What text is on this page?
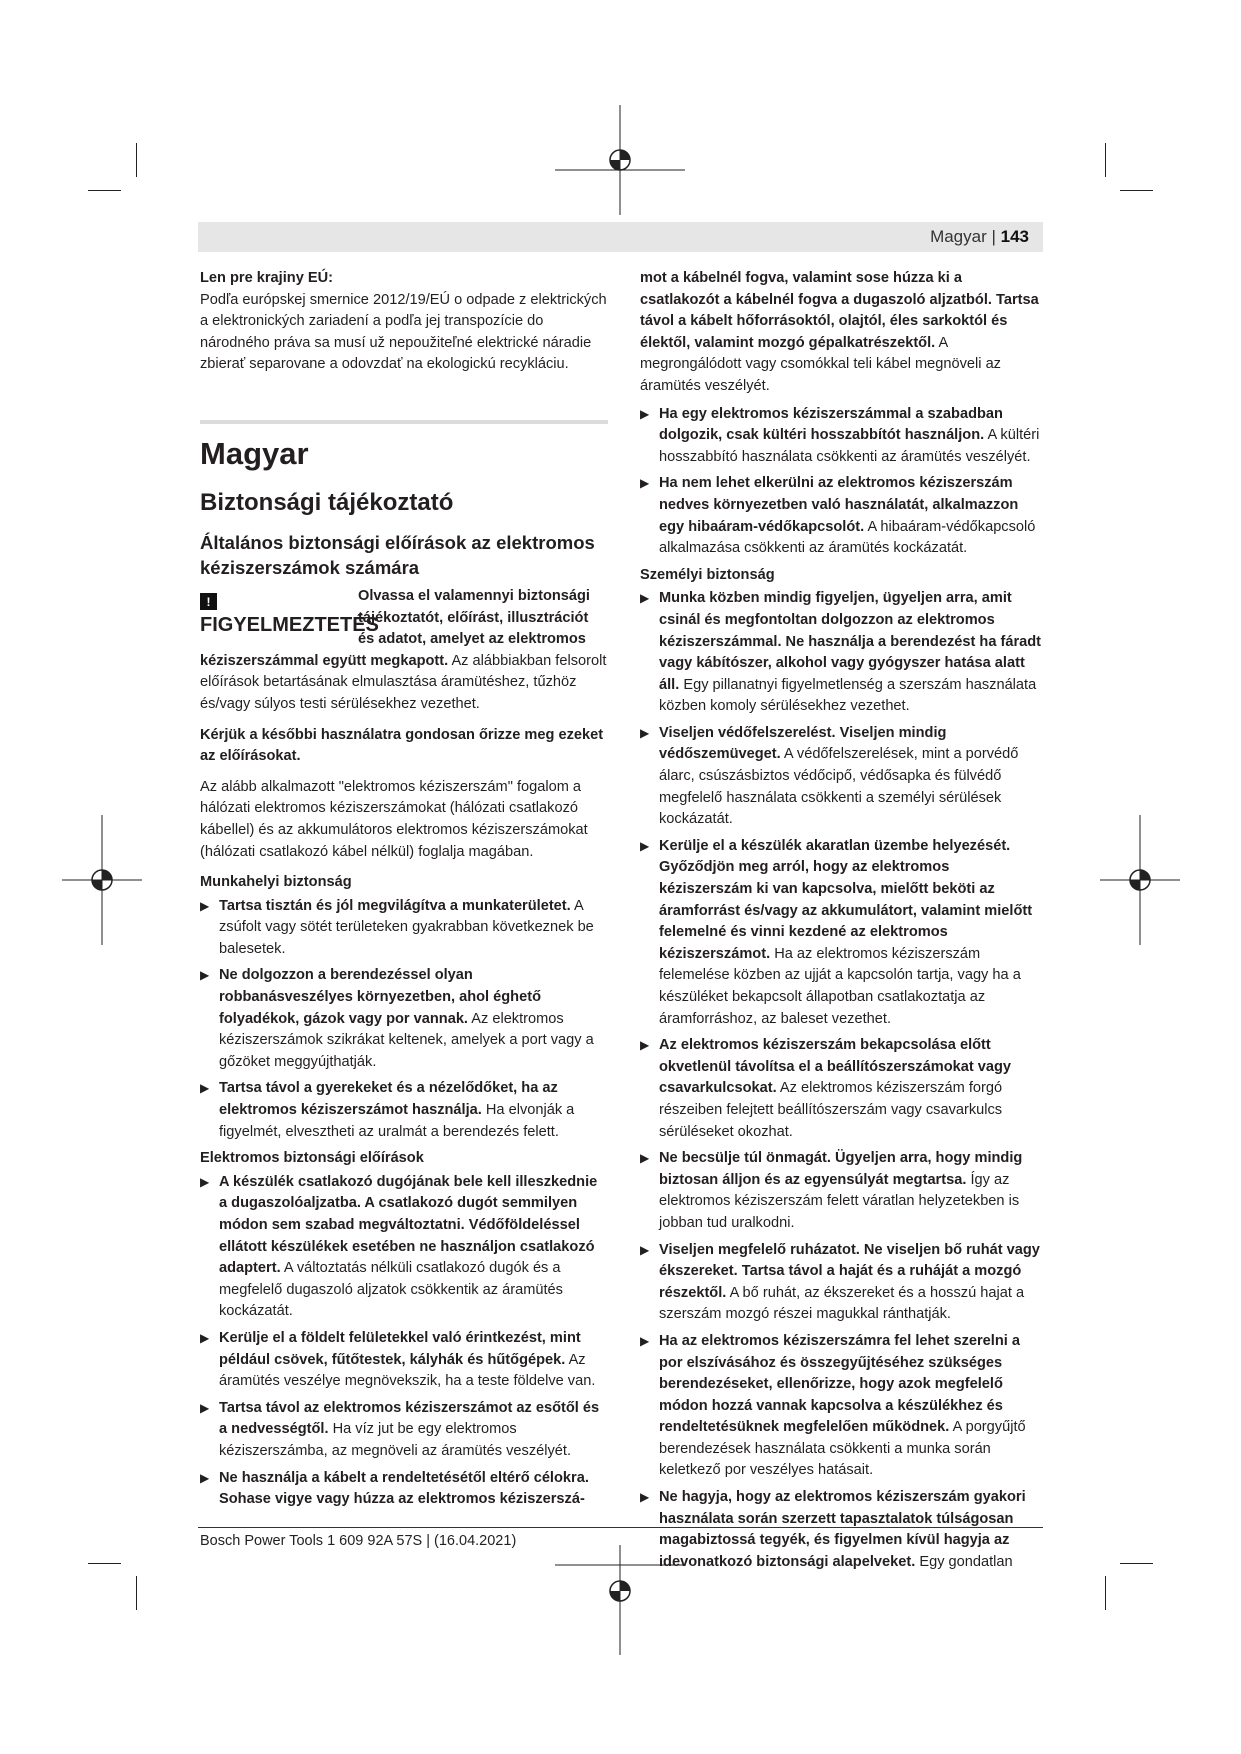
Magyar | 143

Len pre krajiny EÚ:

Podľa európskej smernice 2012/19/EÚ o odpade z elektrických a elektronických zariadení a podľa jej transpozície do národného práva sa musí už nepoužiteľné elektrické náradie zbierať separovane a odovzdať na ekologickú recykláciu.

Magyar
Biztonsági tájékoztató
Általános biztonsági előírások az elektromos kéziszerszámok számára
!FIGYELMEZTETÉS

Olvassa el valamennyi biztonsági tájékoztatót, előírást, illusztrációt és adatot, amelyet az elektromos kéziszerszámmal együtt megkapott. Az alábbiakban felsorolt előírások betartásának elmulasztása áramütéshez, tűzhöz és/vagy súlyos testi sérülésekhez vezethet.

Kérjük a későbbi használatra gondosan őrizze meg ezeket az előírásokat.

Az alább alkalmazott "elektromos kéziszerszám" fogalom a hálózati elektromos kéziszerszámokat (hálózati csatlakozó kábellel) és az akkumulátoros elektromos kéziszerszámokat (hálózati csatlakozó kábel nélkül) foglalja magában.

Munkahelyi biztonság

▶ Tartsa tisztán és jól megvilágítva a munkaterületet. A zsúfolt vagy sötét területeken gyakrabban következnek be balesetek.
▶ Ne dolgozzon a berendezéssel olyan robbanásveszélyes környezetben, ahol éghető folyadékok, gázok vagy por vannak. Az elektromos kéziszerszámok szikrákat keltenek, amelyek a port vagy a gőzöket meggyújthatják.
▶ Tartsa távol a gyerekeket és a nézelődőket, ha az elektromos kéziszerszámot használja. Ha elvonják a figyelmét, elvesztheti az uralmát a berendezés felett.

Elektromos biztonsági előírások

▶ A készülék csatlakozó dugójának bele kell illeszkednie a dugaszolóaljzatba. A csatlakozó dugót semmilyen módon sem szabad megváltoztatni. Védőföldeléssel ellátott készülékek esetében ne használjon csatlakozó adaptert. A változtatás nélküli csatlakozó dugók és a megfelelő dugaszoló aljzatok csökkentik az áramütés kockázatát.
▶ Kerülje el a földelt felületekkel való érintkezést, mint például csövek, fűtőtestek, kályhák és hűtőgépek. Az áramütés veszélye megnövekszik, ha a teste földelve van.
▶ Tartsa távol az elektromos kéziszerszámot az esőtől és a nedvességtől. Ha víz jut be egy elektromos kéziszerszámba, az megnöveli az áramütés veszélyét.
▶ Ne használja a kábelt a rendeltetésétől eltérő célokra. Sohase vigye vagy húzza az elektromos kéziszerszá-

mot a kábelnél fogva, valamint sose húzza ki a csatlakozót a kábelnél fogva a dugaszoló aljzatból. Tartsa távol a kábelt hőforrásoktól, olajtól, éles sarkoktól és élektől, valamint mozgó gépalkatrészektől. A megrongálódott vagy csomókkal teli kábel megnöveli az áramütés veszélyét.

▶ Ha egy elektromos kéziszerszámmal a szabadban dolgozik, csak kültéri hosszabbítót használjon. A kültéri hosszabbító használata csökkenti az áramütés veszélyét.
▶ Ha nem lehet elkerülni az elektromos kéziszerszám nedves környezetben való használatát, alkalmazzon egy hibaáram-védőkapcsolót. A hibaáram-védőkapcsoló alkalmazása csökkenti az áramütés kockázatát.

Személyi biztonság

▶ Munka közben mindig figyeljen, ügyeljen arra, amit csinál és megfontoltan dolgozzon az elektromos kéziszerszámmal. Ne használja a berendezést ha fáradt vagy kábítószer, alkohol vagy gyógyszer hatása alatt áll. Egy pillanatnyi figyelmetlenség a szerszám használata közben komoly sérülésekhez vezethet.
▶ Viseljen védőfelszerelést. Viseljen mindig védőszemüveget. A védőfelszerelések, mint a porvédő álarc, csúszásbiztos védőcipő, védősapka és fülvédő megfelelő használata csökkenti a személyi sérülések kockázatát.
▶ Kerülje el a készülék akaratlan üzembe helyezését. Győződjön meg arról, hogy az elektromos kéziszerszám ki van kapcsolva, mielőtt beköti az áramforrást és/vagy az akkumulátort, valamint mielőtt felemelné és vinni kezdené az elektromos kéziszerszámot. Ha az elektromos kéziszerszám felemelése közben az ujját a kapcsolón tartja, vagy ha a készüléket bekapcsolt állapotban csatlakoztatja az áramforráshoz, az baleset vezethet.
▶ Az elektromos kéziszerszám bekapcsolása előtt okvetlenül távolítsa el a beállítószerszámokat vagy csavarkulcsokat. Az elektromos kéziszerszám forgó részeiben felejtett beállítószerszám vagy csavarkulcs sérüléseket okozhat.
▶ Ne becsülje túl önmagát. Ügyeljen arra, hogy mindig biztosan álljon és az egyensúlyát megtartsa. Így az elektromos kéziszerszám felett váratlan helyzetekben is jobban tud uralkodni.
▶ Viseljen megfelelő ruházatot. Ne viseljen bő ruhát vagy ékszereket. Tartsa távol a haját és a ruháját a mozgó részektől. A bő ruhát, az ékszereket és a hosszú hajat a szerszám mozgó részei magukkal ránthatják.
▶ Ha az elektromos kéziszerszámra fel lehet szerelni a por elszívásához és összegyűjtéséhez szükséges berendezéseket, ellenőrizze, hogy azok megfelelő módon hozzá vannak kapcsolva a készülékhez és rendeltetésüknek megfelelően működnek. A porgyűjtő berendezések használata csökkenti a munka során keletkező por veszélyes hatásait.
▶ Ne hagyja, hogy az elektromos kéziszerszám gyakori használata során szerzett tapasztalatok túlságosan magabiztossá tegyék, és figyelmen kívül hagyja az idevonatkozó biztonsági alapelveket. Egy gondatlan
Bosch Power Tools 1 609 92A 57S | (16.04.2021)
